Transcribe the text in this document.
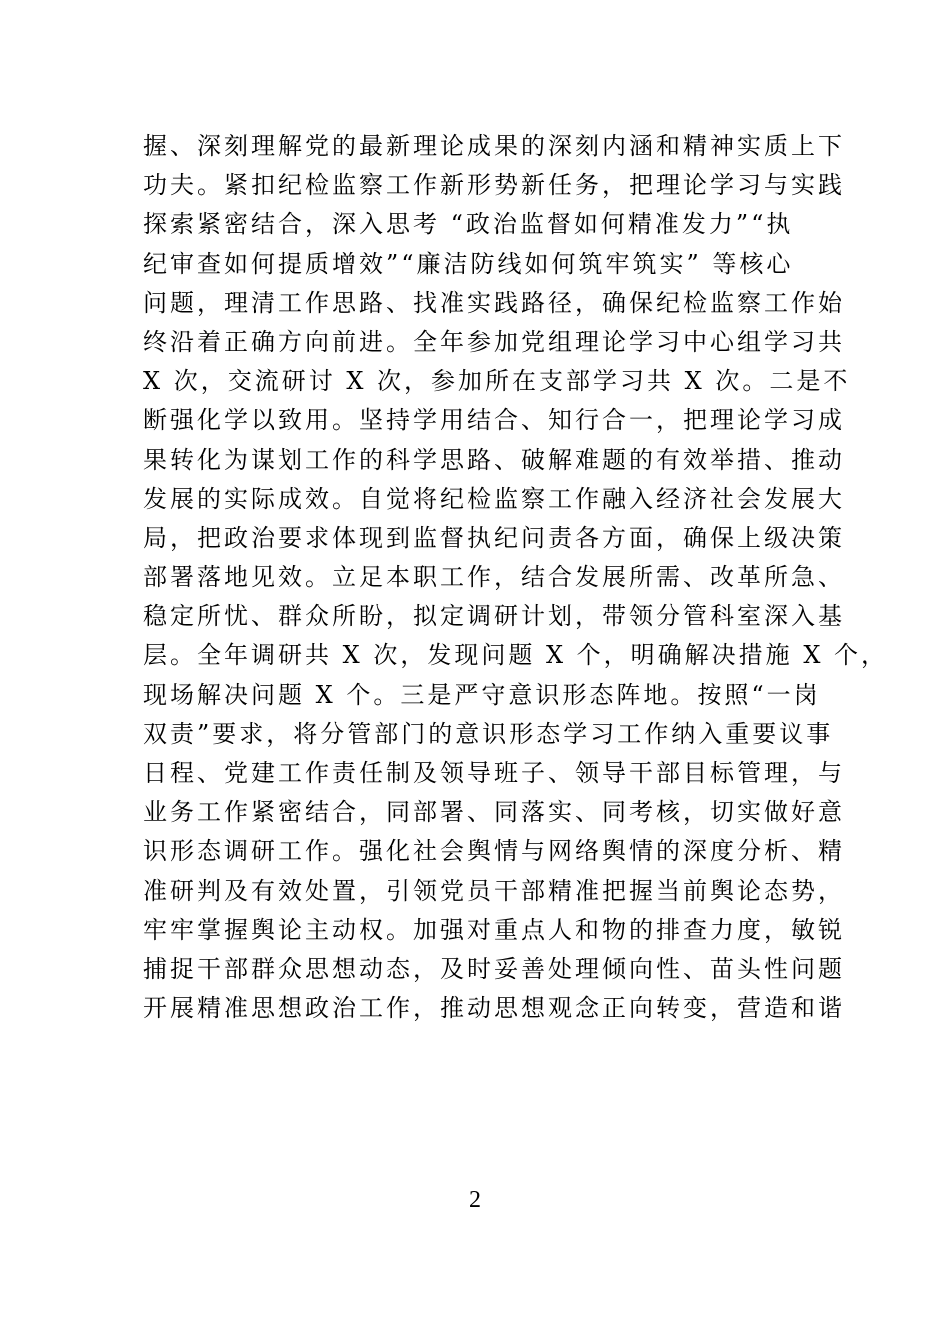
握、深刻理解党的最新理论成果的深刻内涵和精神实质上下
功夫。紧扣纪检监察工作新形势新任务，把理论学习与实践
探索紧密结合，深入思考 “政治监督如何精准发力”“执
纪审查如何提质增效”“廉洁防线如何筑牢筑实” 等核心
问题，理清工作思路、找准实践路径，确保纪检监察工作始
终沿着正确方向前进。全年参加党组理论学习中心组学习共
X 次，交流研讨 X 次，参加所在支部学习共 X 次。二是不
断强化学以致用。坚持学用结合、知行合一，把理论学习成
果转化为谋划工作的科学思路、破解难题的有效举措、推动
发展的实际成效。自觉将纪检监察工作融入经济社会发展大
局，把政治要求体现到监督执纪问责各方面，确保上级决策
部署落地见效。立足本职工作，结合发展所需、改革所急、
稳定所忧、群众所盼，拟定调研计划，带领分管科室深入基
层。全年调研共 X 次，发现问题 X 个，明确解决措施 X 个，
现场解决问题 X 个。三是严守意识形态阵地。按照“一岗
双责”要求，将分管部门的意识形态学习工作纳入重要议事
日程、党建工作责任制及领导班子、领导干部目标管理，与
业务工作紧密结合，同部署、同落实、同考核，切实做好意
识形态调研工作。强化社会舆情与网络舆情的深度分析、精
准研判及有效处置，引领党员干部精准把握当前舆论态势，
牢牢掌握舆论主动权。加强对重点人和物的排查力度，敏锐
捕捉干部群众思想动态，及时妥善处理倾向性、苗头性问题
开展精准思想政治工作，推动思想观念正向转变，营造和谐
2
